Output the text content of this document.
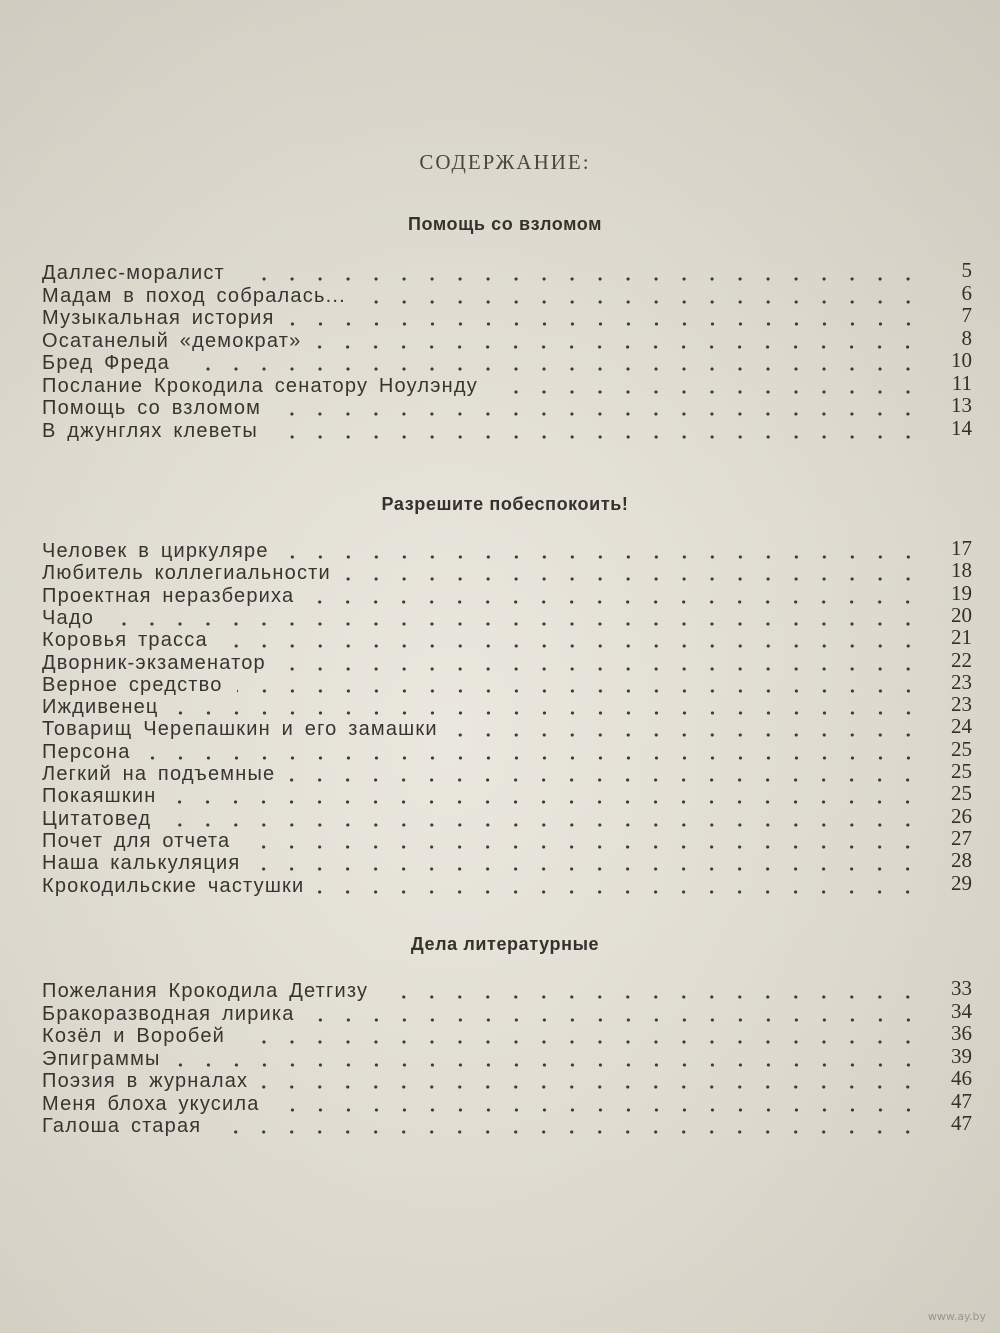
СОДЕРЖАНИЕ:
Помощь со взломом
Даллес-моралист	5
Мадам в поход собралась...	6
Музыкальная история	7
Осатанелый «демократ»	8
Бред Фреда	10
Послание Крокодила сенатору Ноулэнду	11
Помощь со взломом	13
В джунглях клеветы	14
Разрешите побеспокоить!
Человек в циркуляре	17
Любитель коллегиальности	18
Проектная неразбериха	19
Чадо	20
Коровья трасса	21
Дворник-экзаменатор	22
Верное средство	23
Иждивенец	23
Товарищ Черепашкин и его замашки	24
Персона	25
Легкий на подъемные	25
Покаяшкин	25
Цитатовед	26
Почет для отчета	27
Наша калькуляция	28
Крокодильские частушки	29
Дела литературные
Пожелания Крокодила Детгизу	33
Бракоразводная лирика	34
Козёл и Воробей	36
Эпиграммы	39
Поэзия в журналах	46
Меня блоха укусила	47
Галоша старая	47
www.ay.by
